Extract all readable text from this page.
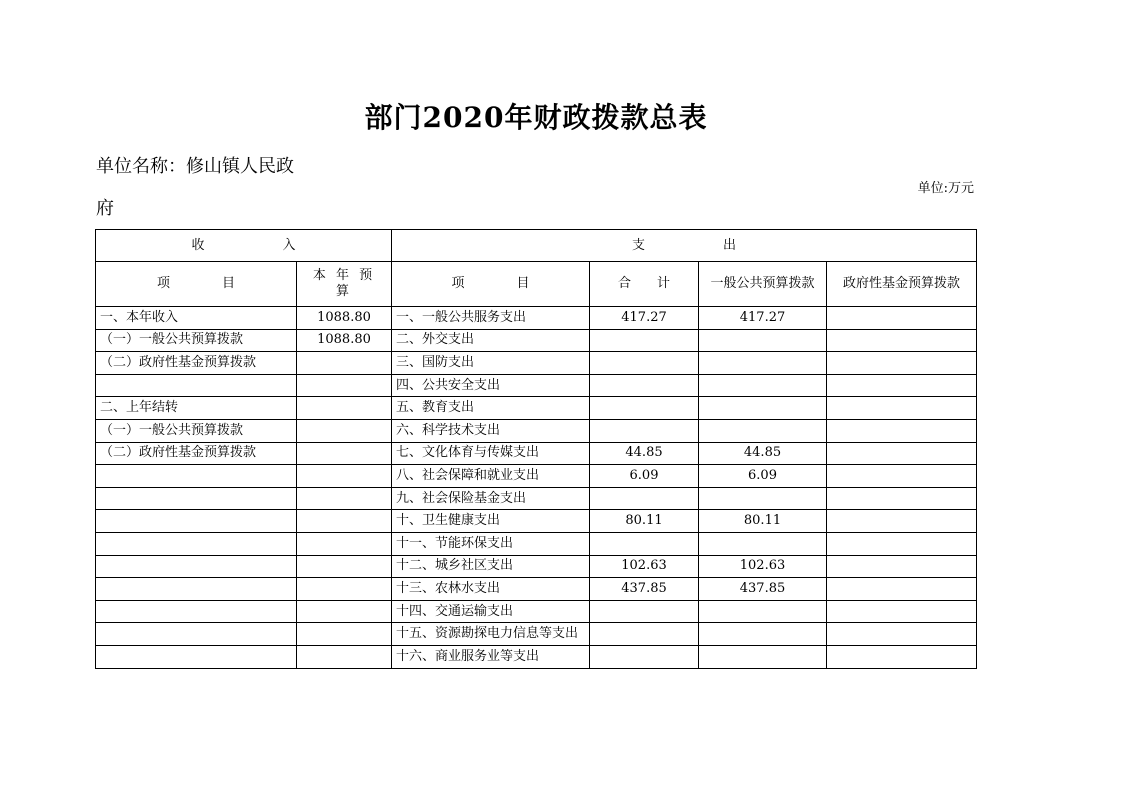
部门2020年财政拨款总表
单位名称：修山镇人民政
府
单位:万元
收　　　　　　入		支　　　　　　出			
项　　　　目	本 年 预 算	项　　　　目	合　　计	一般公共预算拨款	政府性基金预算拨款
一、本年收入	1088.80	一、一般公共服务支出	417.27	417.27	
（一）一般公共预算拨款	1088.80	二、外交支出			
（二）政府性基金预算拨款		三、国防支出			
		四、公共安全支出			
二、上年结转		五、教育支出			
（一）一般公共预算拨款		六、科学技术支出			
（二）政府性基金预算拨款		七、文化体育与传媒支出	44.85	44.85	
		八、社会保障和就业支出	6.09	6.09	
		九、社会保险基金支出			
		十、卫生健康支出	80.11	80.11	
		十一、节能环保支出			
		十二、城乡社区支出	102.63	102.63	
		十三、农林水支出	437.85	437.85	
		十四、交通运输支出			
		十五、资源勘探电力信息等支出			
		十六、商业服务业等支出			
